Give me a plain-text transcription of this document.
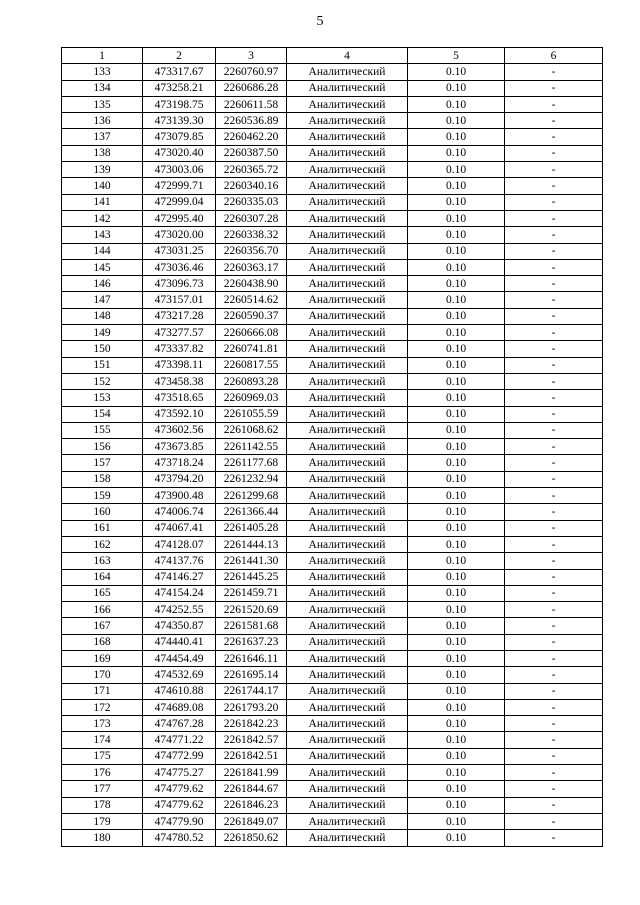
5
1	2	3	4	5	6
133	473317.67	2260760.97	Аналитический	0.10	-
134	473258.21	2260686.28	Аналитический	0.10	-
135	473198.75	2260611.58	Аналитический	0.10	-
136	473139.30	2260536.89	Аналитический	0.10	-
137	473079.85	2260462.20	Аналитический	0.10	-
138	473020.40	2260387.50	Аналитический	0.10	-
139	473003.06	2260365.72	Аналитический	0.10	-
140	472999.71	2260340.16	Аналитический	0.10	-
141	472999.04	2260335.03	Аналитический	0.10	-
142	472995.40	2260307.28	Аналитический	0.10	-
143	473020.00	2260338.32	Аналитический	0.10	-
144	473031.25	2260356.70	Аналитический	0.10	-
145	473036.46	2260363.17	Аналитический	0.10	-
146	473096.73	2260438.90	Аналитический	0.10	-
147	473157.01	2260514.62	Аналитический	0.10	-
148	473217.28	2260590.37	Аналитический	0.10	-
149	473277.57	2260666.08	Аналитический	0.10	-
150	473337.82	2260741.81	Аналитический	0.10	-
151	473398.11	2260817.55	Аналитический	0.10	-
152	473458.38	2260893.28	Аналитический	0.10	-
153	473518.65	2260969.03	Аналитический	0.10	-
154	473592.10	2261055.59	Аналитический	0.10	-
155	473602.56	2261068.62	Аналитический	0.10	-
156	473673.85	2261142.55	Аналитический	0.10	-
157	473718.24	2261177.68	Аналитический	0.10	-
158	473794.20	2261232.94	Аналитический	0.10	-
159	473900.48	2261299.68	Аналитический	0.10	-
160	474006.74	2261366.44	Аналитический	0.10	-
161	474067.41	2261405.28	Аналитический	0.10	-
162	474128.07	2261444.13	Аналитический	0.10	-
163	474137.76	2261441.30	Аналитический	0.10	-
164	474146.27	2261445.25	Аналитический	0.10	-
165	474154.24	2261459.71	Аналитический	0.10	-
166	474252.55	2261520.69	Аналитический	0.10	-
167	474350.87	2261581.68	Аналитический	0.10	-
168	474440.41	2261637.23	Аналитический	0.10	-
169	474454.49	2261646.11	Аналитический	0.10	-
170	474532.69	2261695.14	Аналитический	0.10	-
171	474610.88	2261744.17	Аналитический	0.10	-
172	474689.08	2261793.20	Аналитический	0.10	-
173	474767.28	2261842.23	Аналитический	0.10	-
174	474771.22	2261842.57	Аналитический	0.10	-
175	474772.99	2261842.51	Аналитический	0.10	-
176	474775.27	2261841.99	Аналитический	0.10	-
177	474779.62	2261844.67	Аналитический	0.10	-
178	474779.62	2261846.23	Аналитический	0.10	-
179	474779.90	2261849.07	Аналитический	0.10	-
180	474780.52	2261850.62	Аналитический	0.10	-
